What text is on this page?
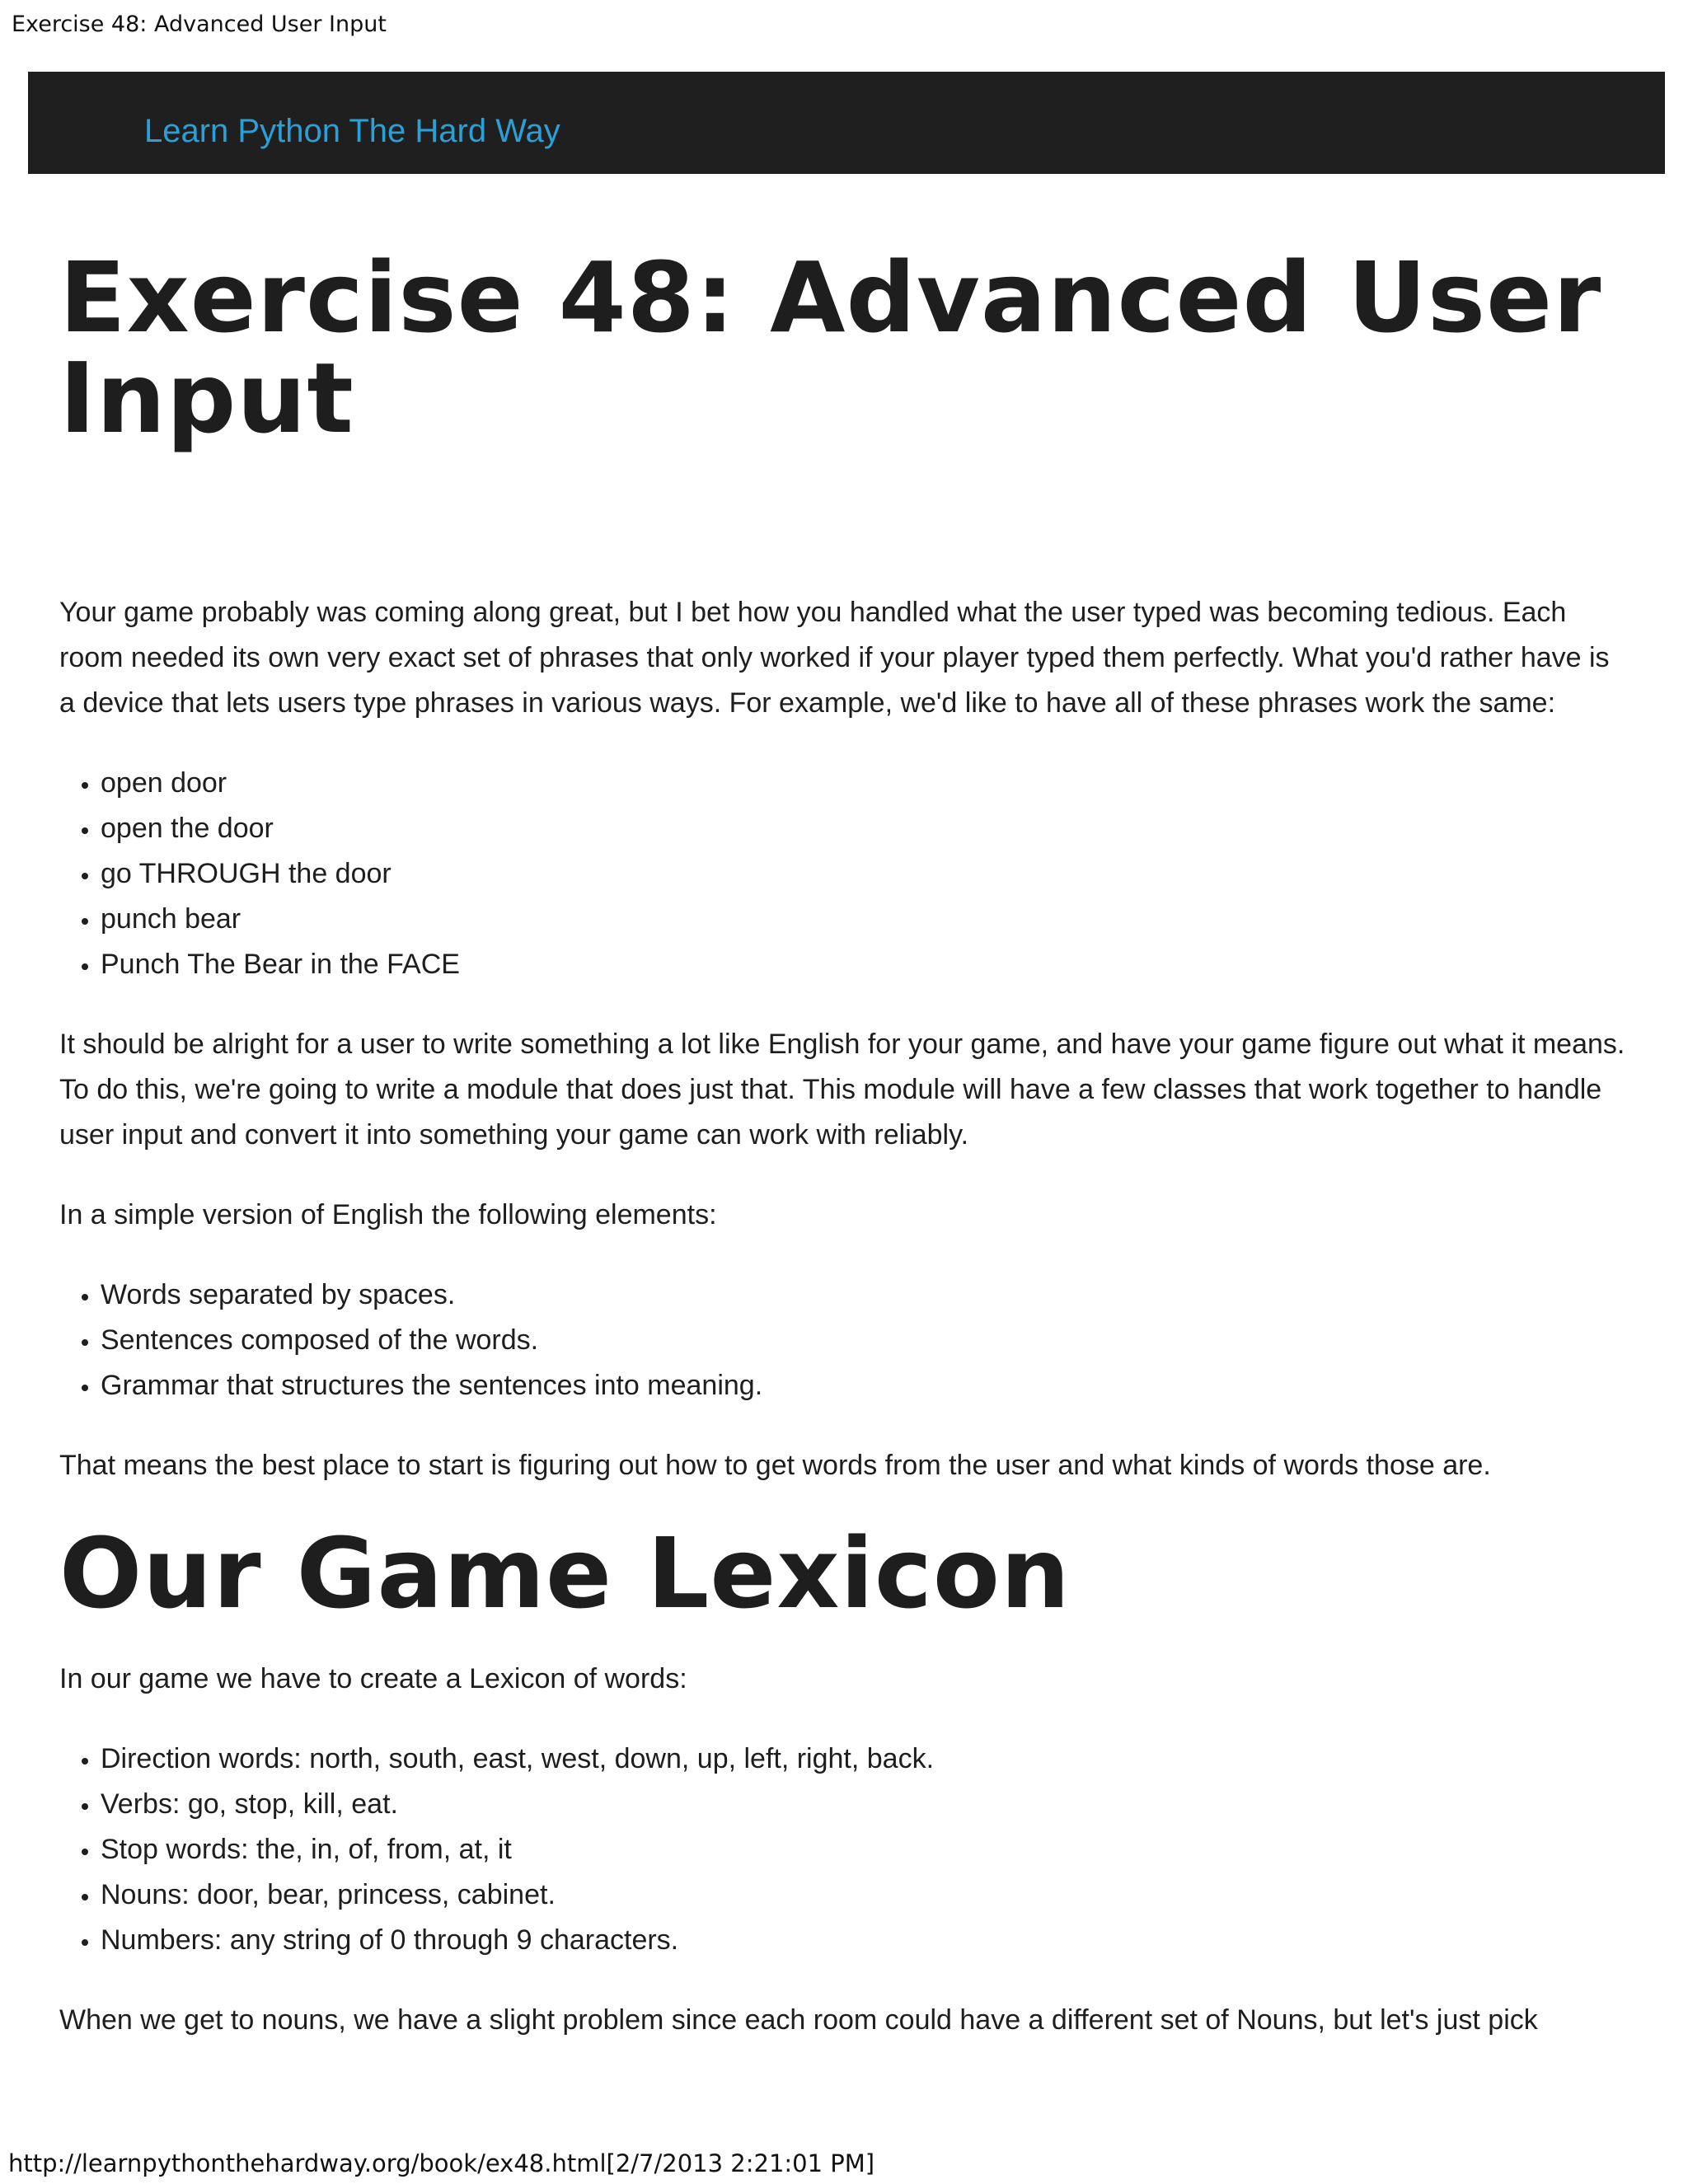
Exercise 48: Advanced User Input
Learn Python The Hard Way
Exercise 48: Advanced User Input

Your game probably was coming along great, but I bet how you handled what the user typed was becoming tedious. Each room needed its own very exact set of phrases that only worked if your player typed them perfectly. What you'd rather have is a device that lets users type phrases in various ways. For example, we'd like to have all of these phrases work the same:

• open door
• open the door
• go THROUGH the door
• punch bear
• Punch The Bear in the FACE

It should be alright for a user to write something a lot like English for your game, and have your game figure out what it means. To do this, we're going to write a module that does just that. This module will have a few classes that work together to handle user input and convert it into something your game can work with reliably.

In a simple version of English the following elements:

• Words separated by spaces.
• Sentences composed of the words.
• Grammar that structures the sentences into meaning.

That means the best place to start is figuring out how to get words from the user and what kinds of words those are.

Our Game Lexicon

In our game we have to create a Lexicon of words:

• Direction words: north, south, east, west, down, up, left, right, back.
• Verbs: go, stop, kill, eat.
• Stop words: the, in, of, from, at, it
• Nouns: door, bear, princess, cabinet.
• Numbers: any string of 0 through 9 characters.

When we get to nouns, we have a slight problem since each room could have a different set of Nouns, but let's just pick

http://learnpythonthehardway.org/book/ex48.html[2/7/2013 2:21:01 PM]
